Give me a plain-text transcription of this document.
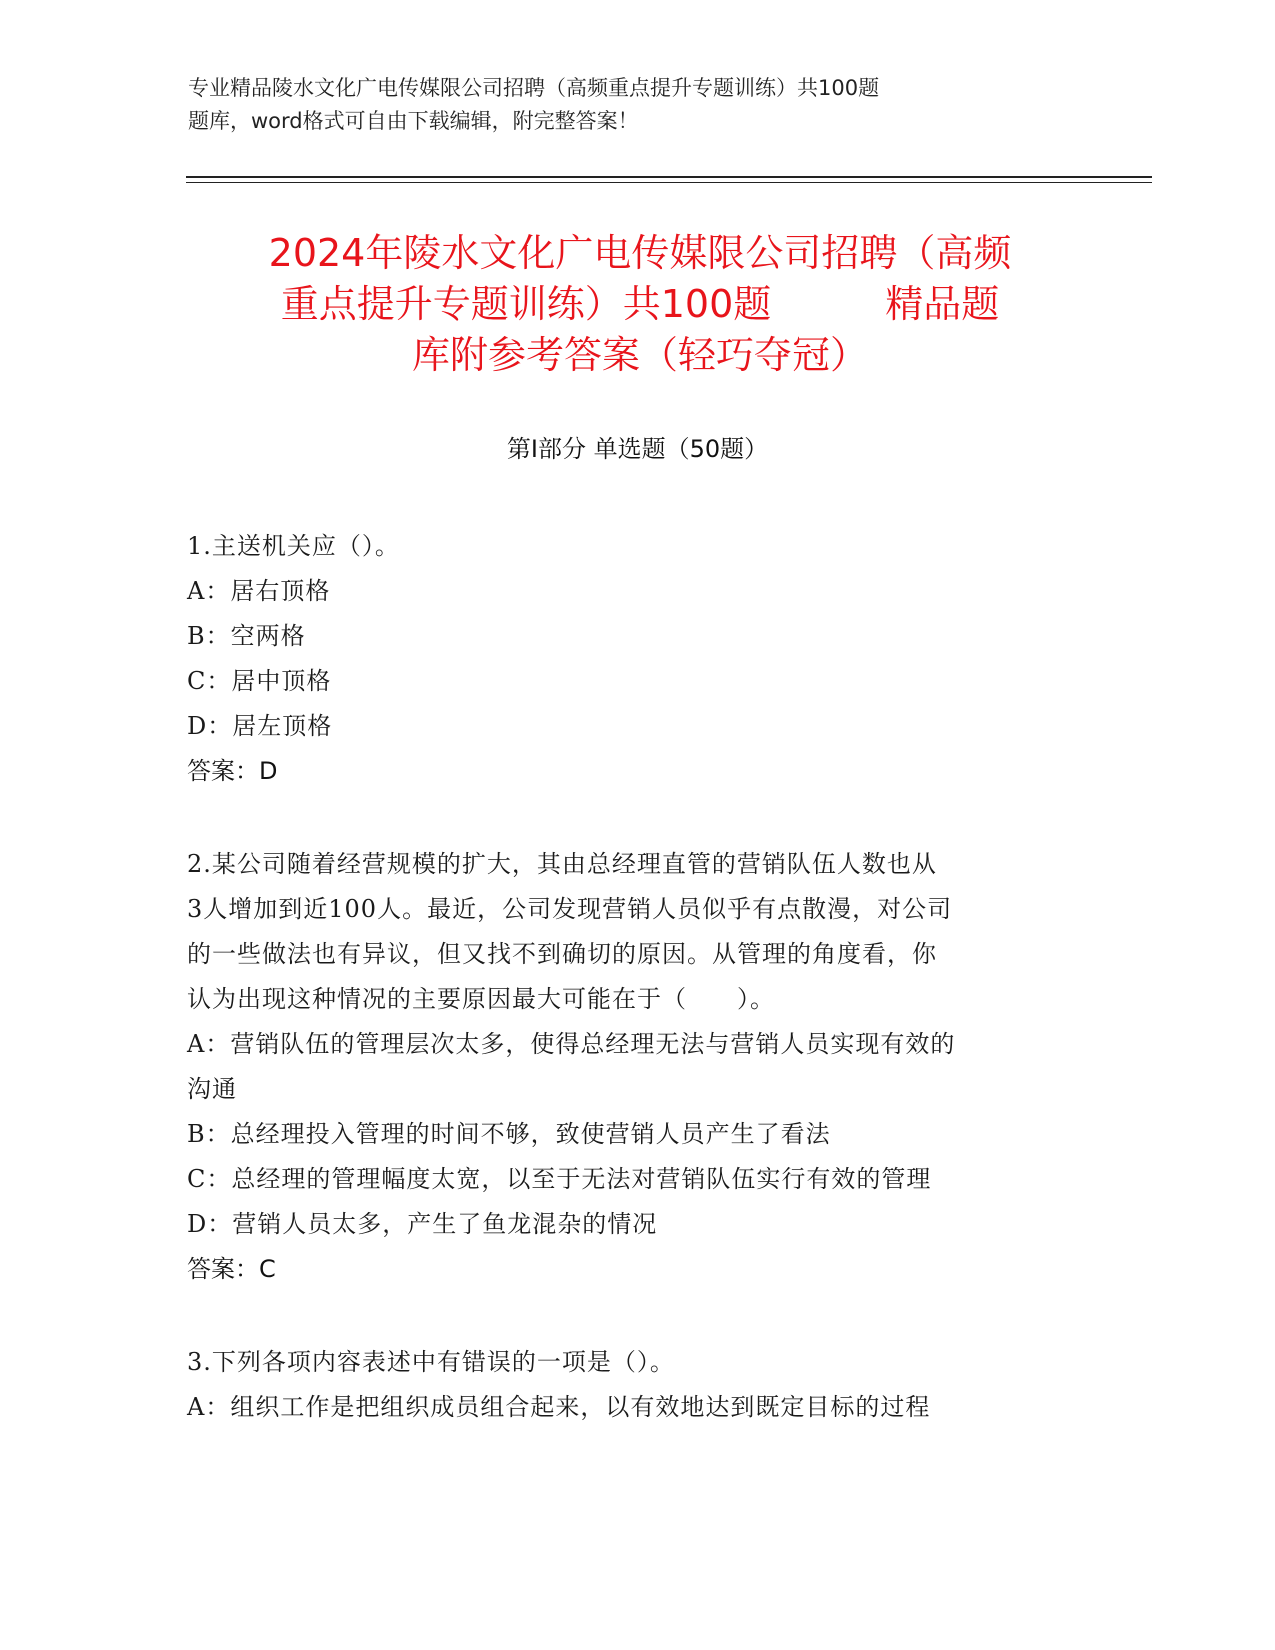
专业精品陵水文化广电传媒限公司招聘（高频重点提升专题训练）共100题
题库，word格式可自由下载编辑，附完整答案！
2024年陵水文化广电传媒限公司招聘（高频
重点提升专题训练）共100题　　　精品题
库附参考答案（轻巧夺冠）
第Ⅰ部分 单选题（50题）
1.主送机关应（）。
A：居右顶格
B：空两格
C：居中顶格
D：居左顶格
答案：D
2.某公司随着经营规模的扩大，其由总经理直管的营销队伍人数也从
3人增加到近100人。最近，公司发现营销人员似乎有点散漫，对公司
的一些做法也有异议，但又找不到确切的原因。从管理的角度看，你
认为出现这种情况的主要原因最大可能在于（　　）。
A：营销队伍的管理层次太多，使得总经理无法与营销人员实现有效的
沟通
B：总经理投入管理的时间不够，致使营销人员产生了看法
C：总经理的管理幅度太宽，以至于无法对营销队伍实行有效的管理
D：营销人员太多，产生了鱼龙混杂的情况
答案：C
3.下列各项内容表述中有错误的一项是（）。
A：组织工作是把组织成员组合起来，以有效地达到既定目标的过程
